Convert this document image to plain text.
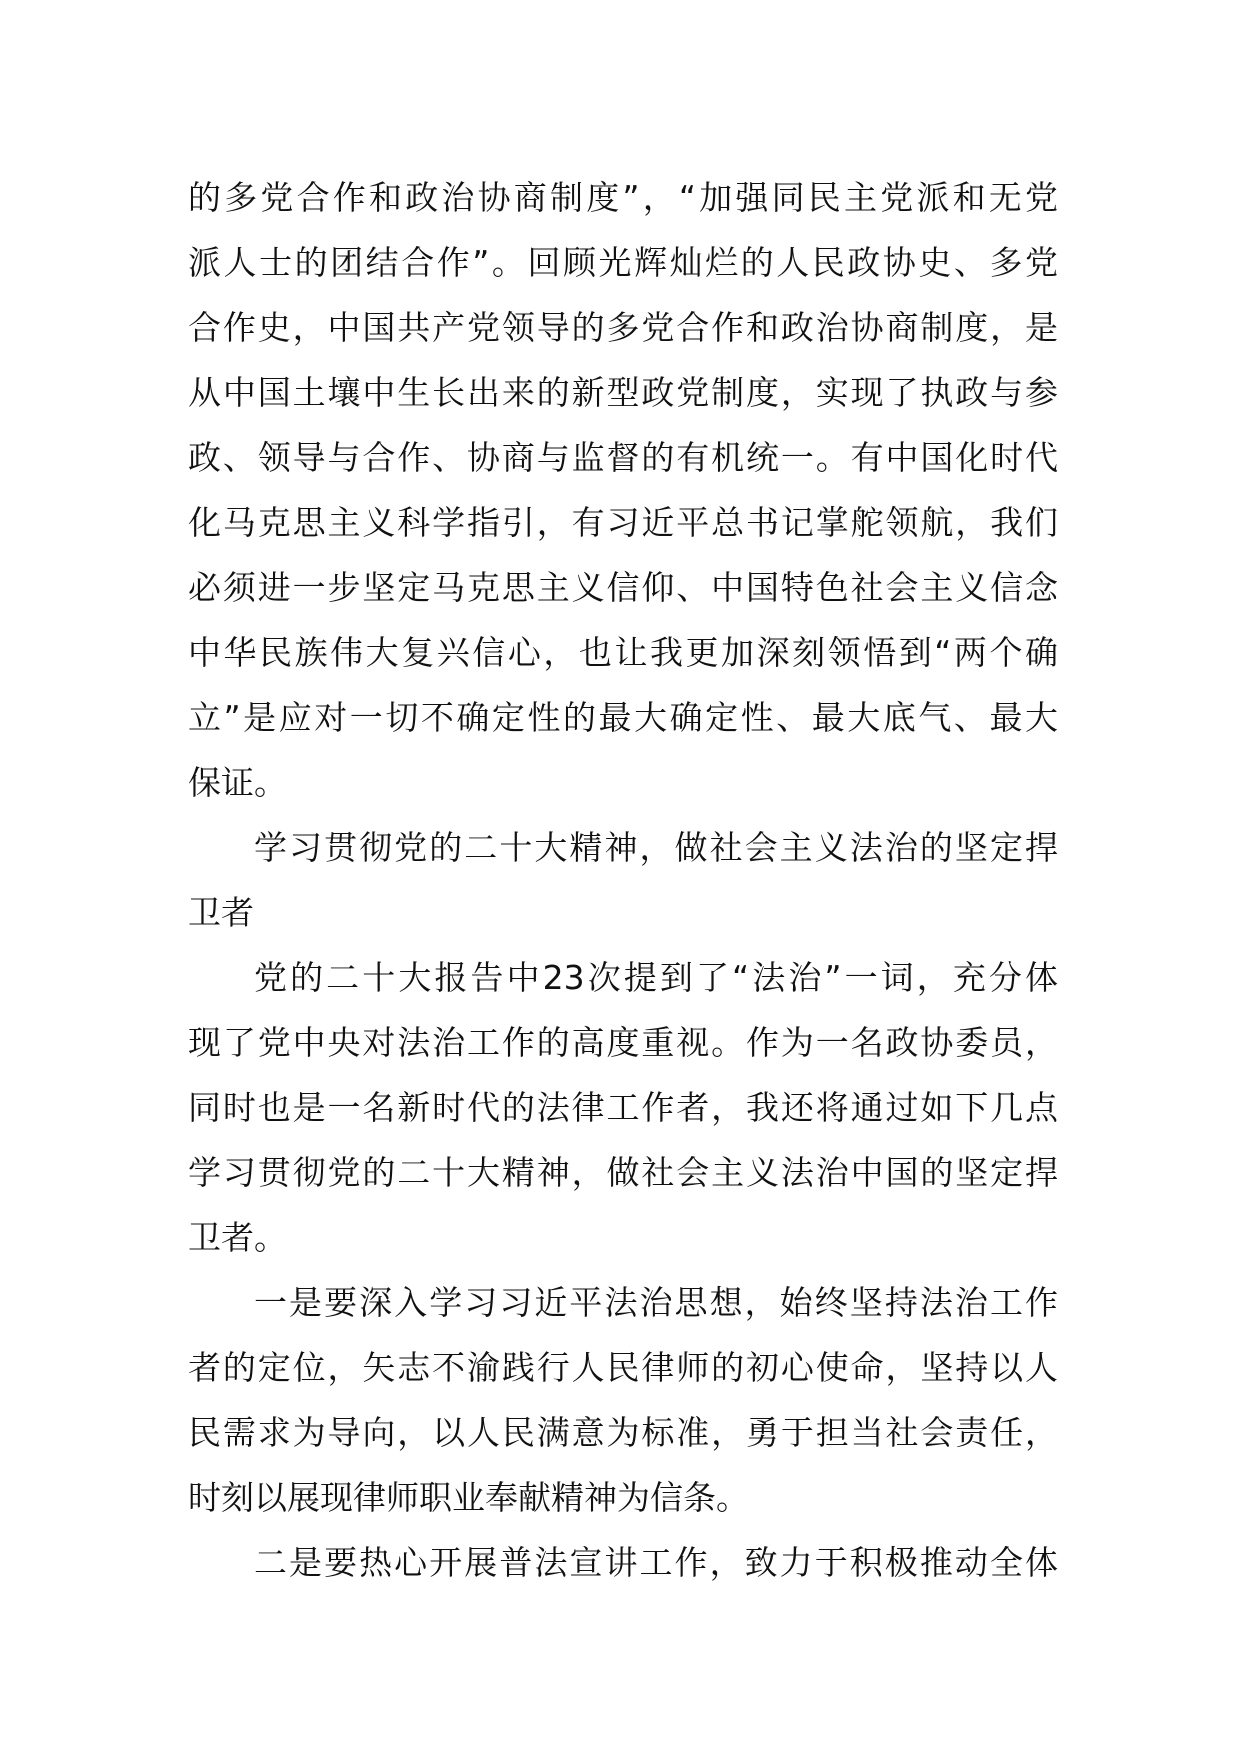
的多党合作和政治协商制度”，“加强同民主党派和无党
派人士的团结合作”。回顾光辉灿烂的人民政协史、多党
合作史，中国共产党领导的多党合作和政治协商制度，是
从中国土壤中生长出来的新型政党制度，实现了执政与参
政、领导与合作、协商与监督的有机统一。有中国化时代
化马克思主义科学指引，有习近平总书记掌舵领航，我们
必须进一步坚定马克思主义信仰、中国特色社会主义信念
中华民族伟大复兴信心，也让我更加深刻领悟到“两个确
立”是应对一切不确定性的最大确定性、最大底气、最大
保证。
学习贯彻党的二十大精神，做社会主义法治的坚定捍
卫者
党的二十大报告中23次提到了“法治”一词，充分体
现了党中央对法治工作的高度重视。作为一名政协委员，
同时也是一名新时代的法律工作者，我还将通过如下几点
学习贯彻党的二十大精神，做社会主义法治中国的坚定捍
卫者。
一是要深入学习习近平法治思想，始终坚持法治工作
者的定位，矢志不渝践行人民律师的初心使命，坚持以人
民需求为导向，以人民满意为标准，勇于担当社会责任，
时刻以展现律师职业奉献精神为信条。
二是要热心开展普法宣讲工作，致力于积极推动全体
